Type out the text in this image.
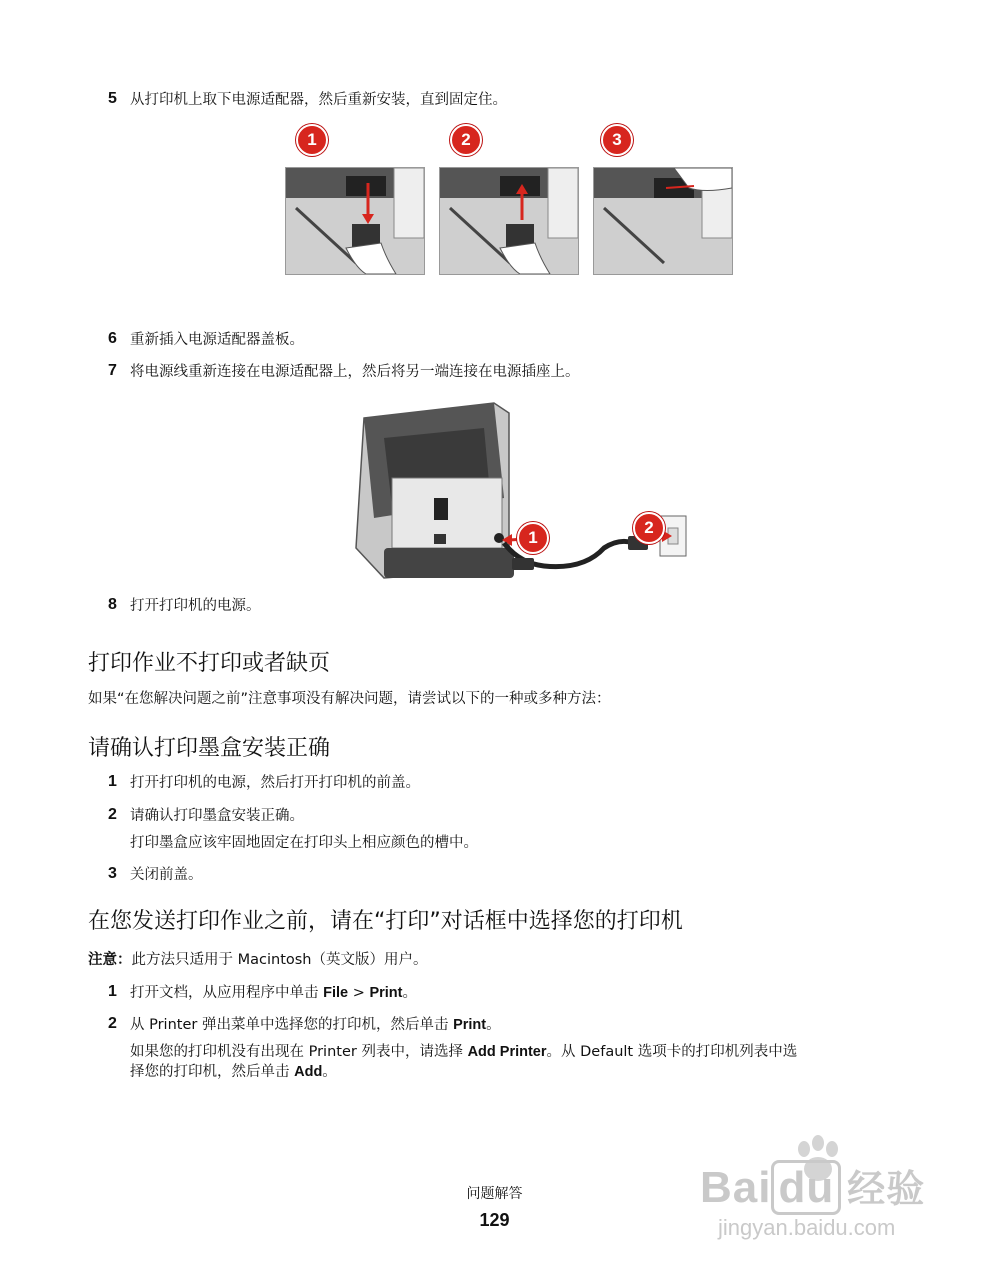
5 从打印机上取下电源适配器，然后重新安装，直到固定住。
1	2	3
6 重新插入电源适配器盖板。
7 将电源线重新连接在电源适配器上，然后将另一端连接在电源插座上。
1
2
8 打开打印机的电源。
打印作业不打印或者缺页
如果“在您解决问题之前”注意事项没有解决问题，请尝试以下的一种或多种方法：
请确认打印墨盒安装正确
1 打开打印机的电源，然后打开打印机的前盖。
2 请确认打印墨盒安装正确。
打印墨盒应该牢固地固定在打印头上相应颜色的槽中。
3 关闭前盖。
在您发送打印作业之前，请在“打印”对话框中选择您的打印机
注意：此方法只适用于 Macintosh（英文版）用户。
1 打开文档，从应用程序中单击 File > Print。
2 从 Printer 弹出菜单中选择您的打印机，然后单击 Print。
如果您的打印机没有出现在 Printer 列表中，请选择 Add Printer。从 Default 选项卡的打印机列表中选
择您的打印机，然后单击 Add。
问题解答
129
Bai du 经验
jingyan.baidu.com
